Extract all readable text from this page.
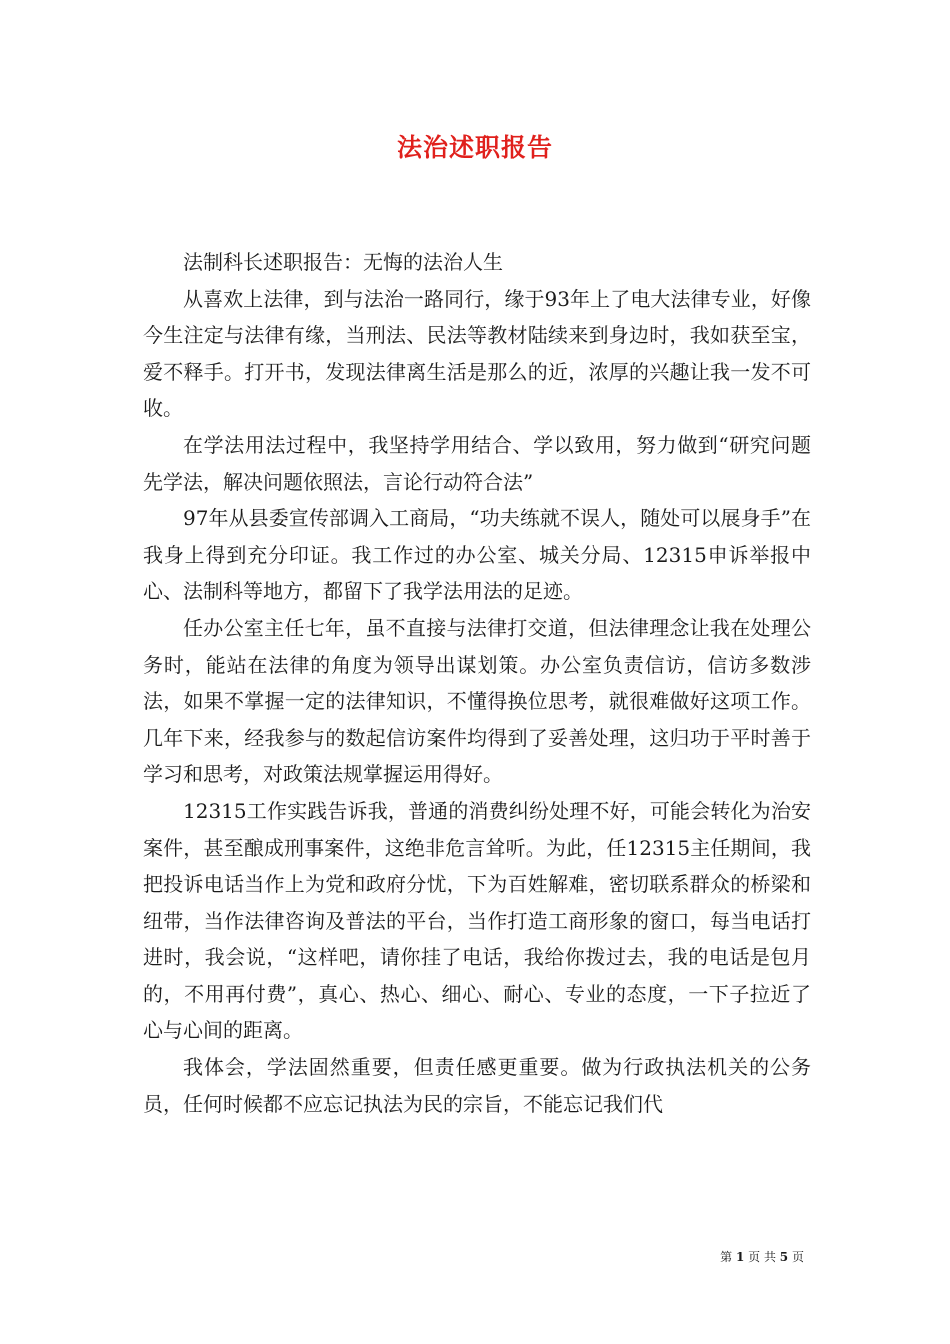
法治述职报告

法制科长述职报告：无悔的法治人生

从喜欢上法律，到与法治一路同行，缘于93年上了电大法律专业，好像今生注定与法律有缘，当刑法、民法等教材陆续来到身边时，我如获至宝，爱不释手。打开书，发现法律离生活是那么的近，浓厚的兴趣让我一发不可收。

在学法用法过程中，我坚持学用结合、学以致用，努力做到“研究问题先学法，解决问题依照法，言论行动符合法”

97年从县委宣传部调入工商局，“功夫练就不误人，随处可以展身手”在我身上得到充分印证。我工作过的办公室、城关分局、12315申诉举报中心、法制科等地方，都留下了我学法用法的足迹。

任办公室主任七年，虽不直接与法律打交道，但法律理念让我在处理公务时，能站在法律的角度为领导出谋划策。办公室负责信访，信访多数涉法，如果不掌握一定的法律知识，不懂得换位思考，就很难做好这项工作。几年下来，经我参与的数起信访案件均得到了妥善处理，这归功于平时善于学习和思考，对政策法规掌握运用得好。

12315工作实践告诉我，普通的消费纠纷处理不好，可能会转化为治安案件，甚至酿成刑事案件，这绝非危言耸听。为此，任12315主任期间，我把投诉电话当作上为党和政府分忧，下为百姓解难，密切联系群众的桥梁和纽带，当作法律咨询及普法的平台，当作打造工商形象的窗口，每当电话打进时，我会说，“这样吧，请你挂了电话，我给你拨过去，我的电话是包月的，不用再付费”，真心、热心、细心、耐心、专业的态度，一下子拉近了心与心间的距离。

我体会，学法固然重要，但责任感更重要。做为行政执法机关的公务员，任何时候都不应忘记执法为民的宗旨，不能忘记我们代

第 1 页 共 5 页
